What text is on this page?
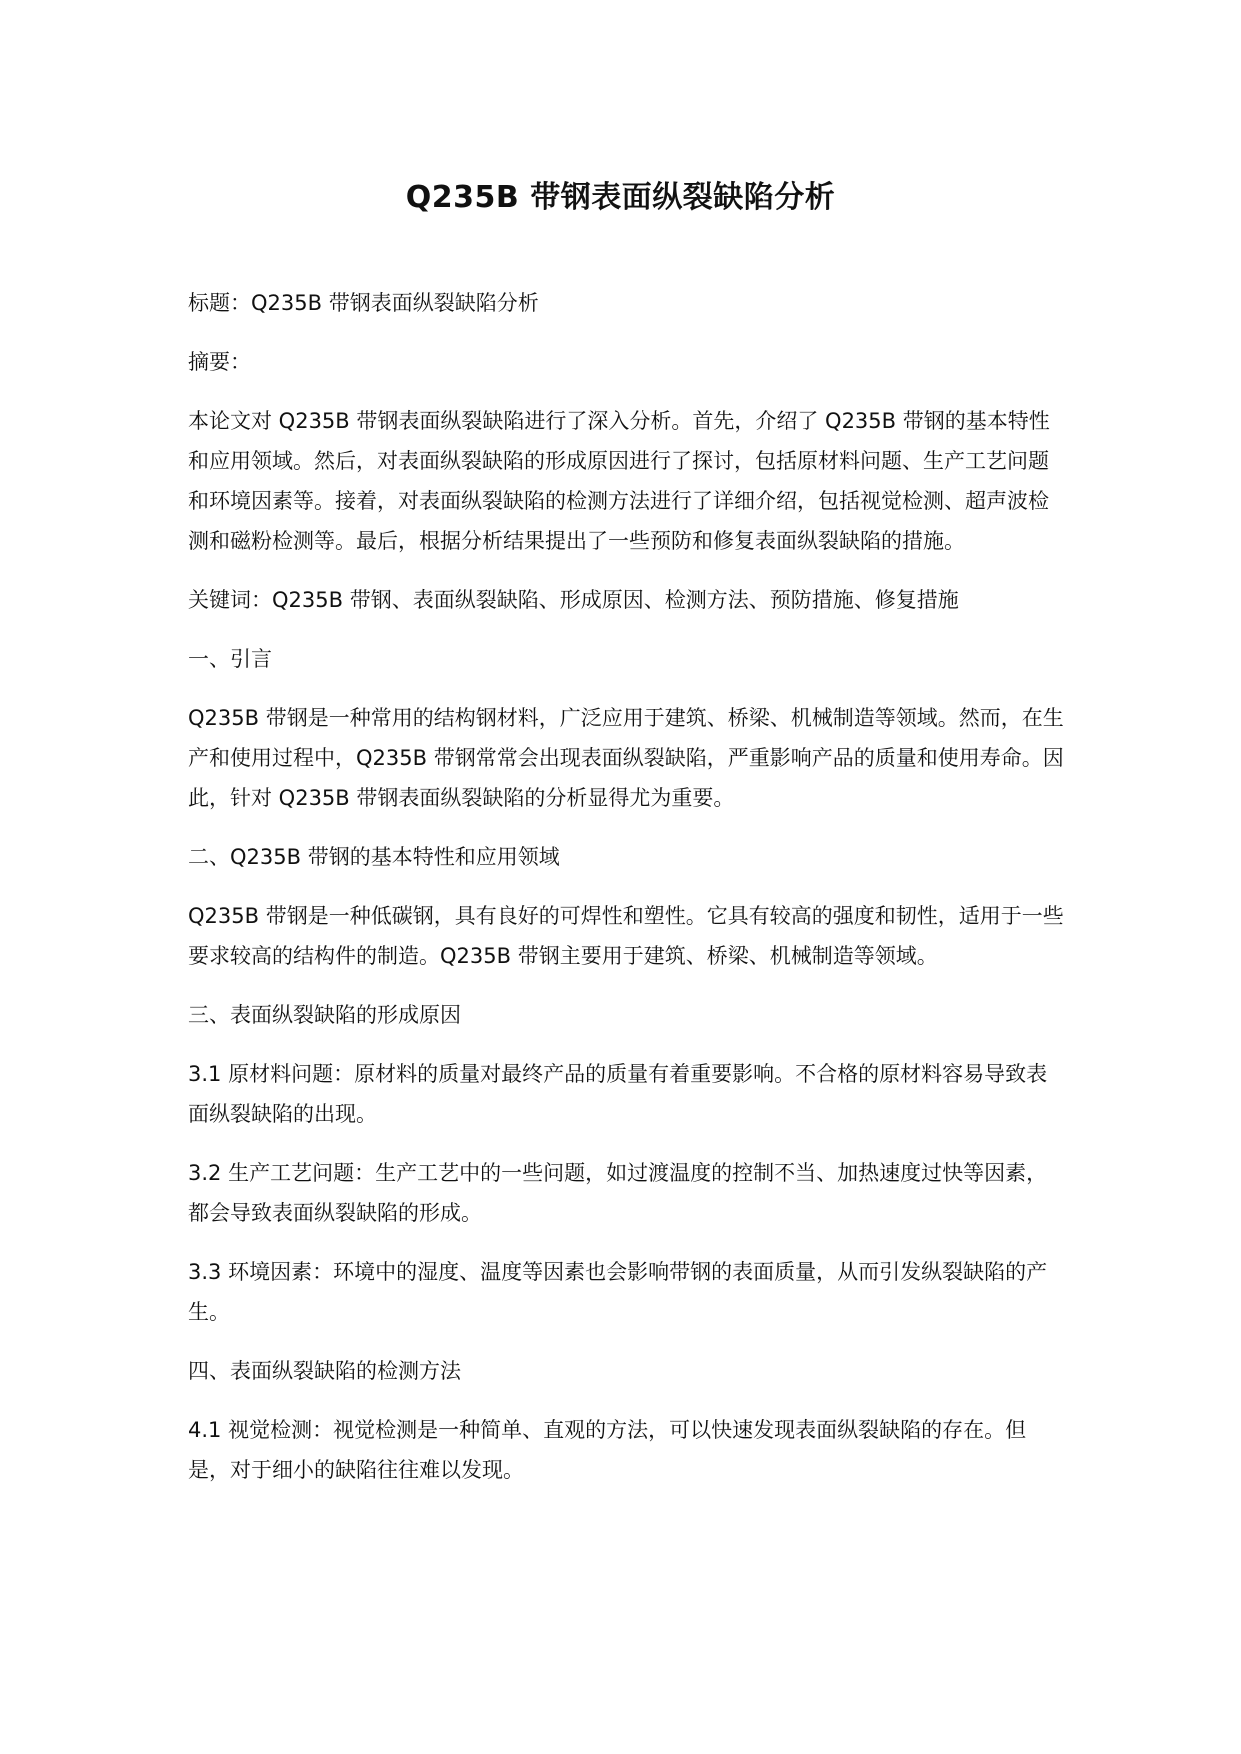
Q235B 带钢表面纵裂缺陷分析

标题：Q235B 带钢表面纵裂缺陷分析

摘要：

本论文对 Q235B 带钢表面纵裂缺陷进行了深入分析。首先，介绍了 Q235B 带钢的基本特性和应用领域。然后，对表面纵裂缺陷的形成原因进行了探讨，包括原材料问题、生产工艺问题和环境因素等。接着，对表面纵裂缺陷的检测方法进行了详细介绍，包括视觉检测、超声波检测和磁粉检测等。最后，根据分析结果提出了一些预防和修复表面纵裂缺陷的措施。

关键词：Q235B 带钢、表面纵裂缺陷、形成原因、检测方法、预防措施、修复措施

一、引言

Q235B 带钢是一种常用的结构钢材料，广泛应用于建筑、桥梁、机械制造等领域。然而，在生产和使用过程中，Q235B 带钢常常会出现表面纵裂缺陷，严重影响产品的质量和使用寿命。因此，针对 Q235B 带钢表面纵裂缺陷的分析显得尤为重要。

二、Q235B 带钢的基本特性和应用领域

Q235B 带钢是一种低碳钢，具有良好的可焊性和塑性。它具有较高的强度和韧性，适用于一些要求较高的结构件的制造。Q235B 带钢主要用于建筑、桥梁、机械制造等领域。

三、表面纵裂缺陷的形成原因

3.1 原材料问题：原材料的质量对最终产品的质量有着重要影响。不合格的原材料容易导致表面纵裂缺陷的出现。

3.2 生产工艺问题：生产工艺中的一些问题，如过渡温度的控制不当、加热速度过快等因素，都会导致表面纵裂缺陷的形成。

3.3 环境因素：环境中的湿度、温度等因素也会影响带钢的表面质量，从而引发纵裂缺陷的产生。

四、表面纵裂缺陷的检测方法

4.1 视觉检测：视觉检测是一种简单、直观的方法，可以快速发现表面纵裂缺陷的存在。但是，对于细小的缺陷往往难以发现。
